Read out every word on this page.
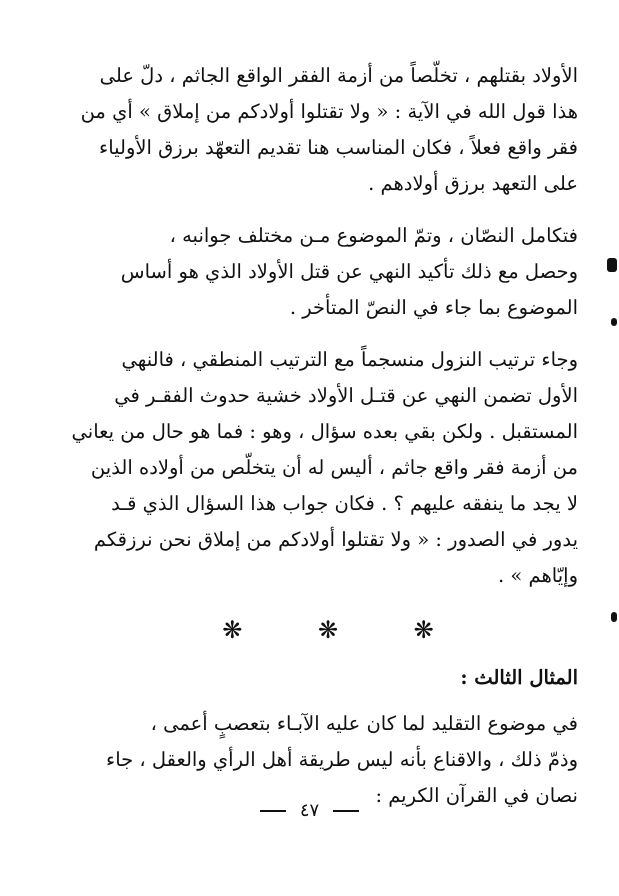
الأولاد بقتلهم ، تخلّصاً من أزمة الفقر الواقع الجاثم ، دلّ على
هذا قول الله في الآية : « ولا تقتلوا أولادكم من إملاق » أي من
فقر واقع فعلاً ، فكان المناسب هنا تقديم التعهّد برزق الأولياء
على التعهد برزق أولادهم .
فتكامل النصّان ، وتمّ الموضوع مـن مختلف جوانبه ،
وحصل مع ذلك تأكيد النهي عن قتل الأولاد الذي هو أساس
الموضوع بما جاء في النصّ المتأخر .
وجاء ترتيب النزول منسجماً مع الترتيب المنطقي ، فالنهي
الأول تضمن النهي عن قتـل الأولاد خشية حدوث الفقـر في
المستقبل . ولكن بقي بعده سؤال ، وهو : فما هو حال من يعاني
من أزمة فقر واقع جاثم ، أليس له أن يتخلّص من أولاده الذين
لا يجد ما ينفقه عليهم ؟ . فكان جواب هذا السؤال الذي قـد
يدور في الصدور : « ولا تقتلوا أولادكم من إملاق نحن نرزقكم
وإيّاهم » .
❋ ❋ ❋
المثال الثالث :
في موضوع التقليد لما كان عليه الآبـاء بتعصبٍ أعمى ،
وذمّ ذلك ، والاقناع بأنه ليس طريقة أهل الرأي والعقل ، جاء
نصان في القرآن الكريم :
٤٧
